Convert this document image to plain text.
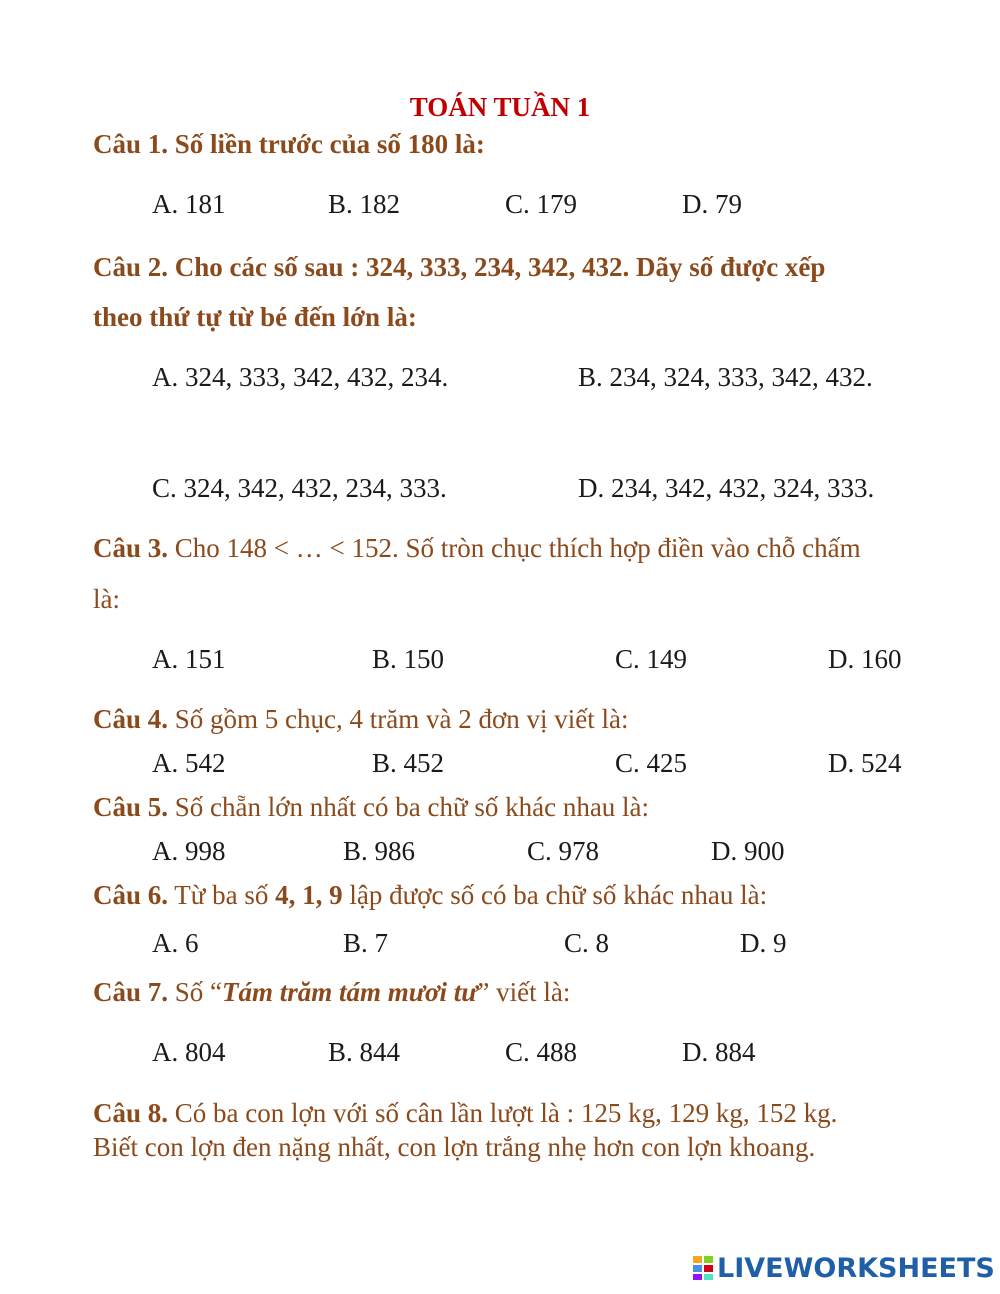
TOÁN TUẦN 1
Câu 1. Số liền trước của số 180 là:
A. 181	B. 182	C. 179	D. 79
Câu 2. Cho các số sau : 324, 333, 234, 342, 432. Dãy số được xếp
theo thứ tự từ bé đến lớn là:
A. 324, 333, 342, 432, 234.	B. 234, 324, 333, 342, 432.
C. 324, 342, 432, 234, 333.	D. 234, 342, 432, 324, 333.
Câu 3. Cho 148 < … < 152. Số tròn chục thích hợp điền vào chỗ chấm
là:
A. 151	B. 150	C. 149	D. 160
Câu 4. Số gồm 5 chục, 4 trăm và 2 đơn vị viết là:
A. 542	B. 452	C. 425	D. 524
Câu 5. Số chẵn lớn nhất có ba chữ số khác nhau là:
A. 998	B. 986	C. 978	D. 900
Câu 6. Từ ba số 4, 1, 9 lập được số có ba chữ số khác nhau là:
A. 6	B. 7	C. 8	D. 9
Câu 7. Số “Tám trăm tám mươi tư” viết là:
A. 804	B. 844	C. 488	D. 884
Câu 8. Có ba con lợn với số cân lần lượt là : 125 kg, 129 kg, 152 kg.
Biết con lợn đen nặng nhất, con lợn trắng nhẹ hơn con lợn khoang.
LIVEWORKSHEETS
